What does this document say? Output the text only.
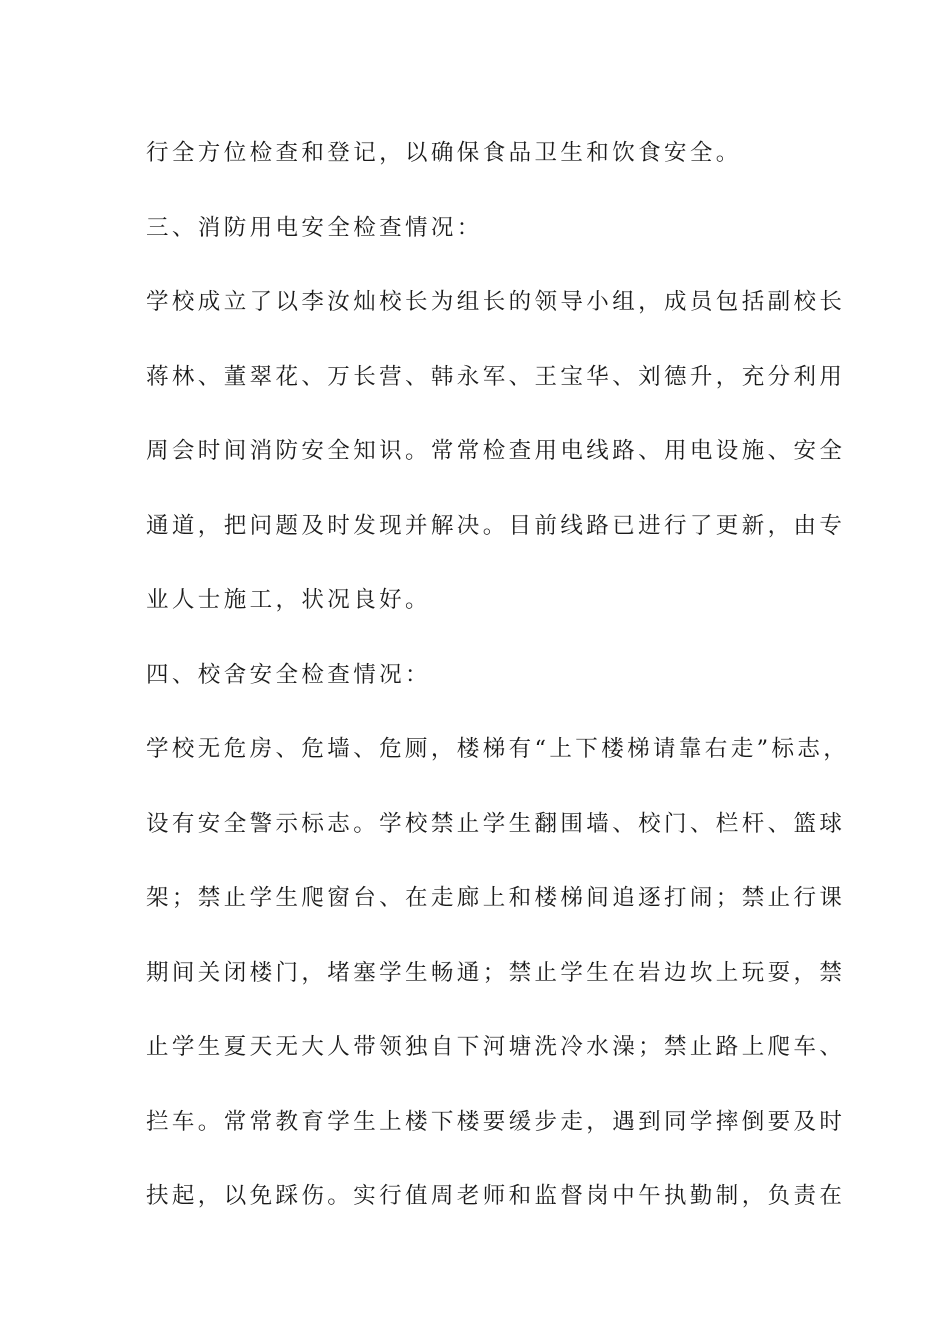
行全方位检查和登记，以确保食品卫生和饮食安全。
三、消防用电安全检查情况：
学校成立了以李汝灿校长为组长的领导小组，成员包括副校长
蒋林、董翠花、万长营、韩永军、王宝华、刘德升，充分利用
周会时间消防安全知识。常常检查用电线路、用电设施、安全
通道，把问题及时发现并解决。目前线路已进行了更新，由专
业人士施工，状况良好。
四、校舍安全检查情况：
学校无危房、危墙、危厕，楼梯有“上下楼梯请靠右走”标志，
设有安全警示标志。学校禁止学生翻围墙、校门、栏杆、篮球
架；禁止学生爬窗台、在走廊上和楼梯间追逐打闹；禁止行课
期间关闭楼门，堵塞学生畅通；禁止学生在岩边坎上玩耍，禁
止学生夏天无大人带领独自下河塘洗冷水澡；禁止路上爬车、
拦车。常常教育学生上楼下楼要缓步走，遇到同学摔倒要及时
扶起，以免踩伤。实行值周老师和监督岗中午执勤制，负责在
